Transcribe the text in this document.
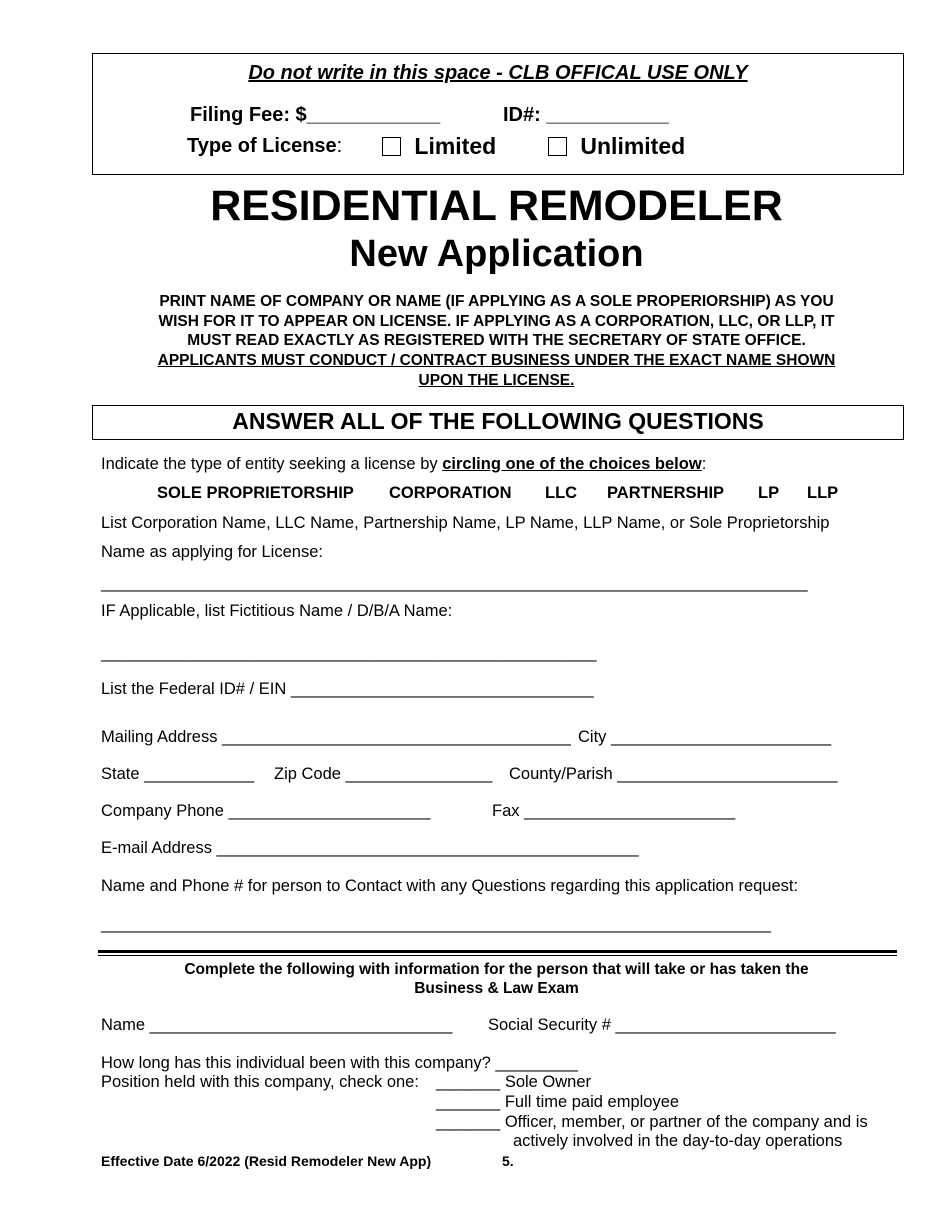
Do not write in this space - CLB OFFICAL USE ONLY
Filing Fee: $____________	ID#: ___________
Type of License:	Limited	Unlimited
RESIDENTIAL REMODELER
New Application
PRINT NAME OF COMPANY OR NAME (IF APPLYING AS A SOLE PROPERIORSHIP) AS YOU
WISH FOR IT TO APPEAR ON LICENSE. IF APPLYING AS A CORPORATION, LLC, OR LLP, IT
MUST READ EXACTLY AS REGISTERED WITH THE SECRETARY OF STATE OFFICE.
APPLICANTS MUST CONDUCT / CONTRACT BUSINESS UNDER THE EXACT NAME SHOWN
UPON THE LICENSE.
ANSWER ALL OF THE FOLLOWING QUESTIONS
Indicate the type of entity seeking a license by circling one of the choices below:
SOLE PROPRIETORSHIP CORPORATION LLC PARTNERSHIP LP LLP
List Corporation Name, LLC Name, Partnership Name, LP Name, LLP Name, or Sole Proprietorship
Name as applying for License:
_____________________________________________________________________________
IF Applicable, list Fictitious Name / D/B/A Name:
______________________________________________________
List the Federal ID# / EIN _________________________________
Mailing Address ______________________________________ City ________________________
State ____________ Zip Code ________________ County/Parish ________________________
Company Phone ______________________	Fax _______________________
E-mail Address ______________________________________________
Name and Phone # for person to Contact with any Questions regarding this application request:
_________________________________________________________________________
Complete the following with information for the person that will take or has taken the
Business & Law Exam
Name _________________________________ Social Security # ________________________
How long has this individual been with this company? _________
Position held with this company, check one: _______ Sole Owner
_______ Full time paid employee
_______ Officer, member, or partner of the company and is
actively involved in the day-to-day operations
Effective Date 6/2022 (Resid Remodeler New App)	5.
